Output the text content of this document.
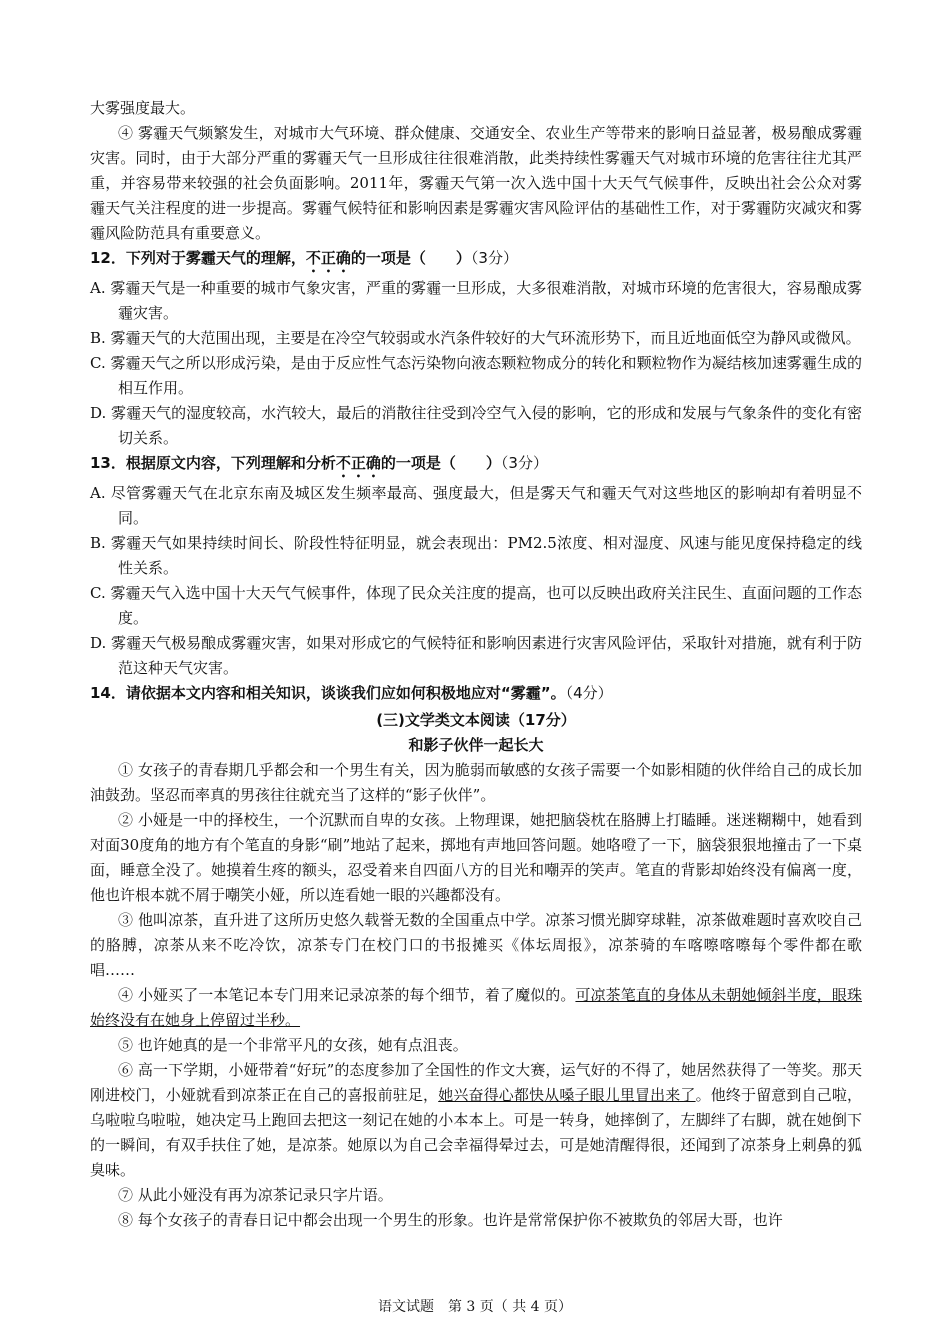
大雾强度最大。

④ 雾霾天气频繁发生，对城市大气环境、群众健康、交通安全、农业生产等带来的影响日益显著，极易酿成雾霾灾害。同时，由于大部分严重的雾霾天气一旦形成往往很难消散，此类持续性雾霾天气对城市环境的危害往往尤其严重，并容易带来较强的社会负面影响。2011年，雾霾天气第一次入选中国十大天气气候事件，反映出社会公众对雾霾天气关注程度的进一步提高。雾霾气候特征和影响因素是雾霾灾害风险评估的基础性工作，对于雾霾防灾减灾和雾霾风险防范具有重要意义。

12．下列对于雾霾天气的理解，不正确的一项是（　　）（3分）

A. 雾霾天气是一种重要的城市气象灾害，严重的雾霾一旦形成，大多很难消散，对城市环境的危害很大，容易酿成雾霾灾害。

B. 雾霾天气的大范围出现，主要是在冷空气较弱或水汽条件较好的大气环流形势下，而且近地面低空为静风或微风。

C. 雾霾天气之所以形成污染，是由于反应性气态污染物向液态颗粒物成分的转化和颗粒物作为凝结核加速雾霾生成的相互作用。

D. 雾霾天气的湿度较高，水汽较大，最后的消散往往受到冷空气入侵的影响，它的形成和发展与气象条件的变化有密切关系。

13．根据原文内容，下列理解和分析不正确的一项是（　　）（3分）

A. 尽管雾霾天气在北京东南及城区发生频率最高、强度最大，但是雾天气和霾天气对这些地区的影响却有着明显不同。

B. 雾霾天气如果持续时间长、阶段性特征明显，就会表现出：PM2.5浓度、相对湿度、风速与能见度保持稳定的线性关系。

C. 雾霾天气入选中国十大天气气候事件，体现了民众关注度的提高，也可以反映出政府关注民生、直面问题的工作态度。

D. 雾霾天气极易酿成雾霾灾害，如果对形成它的气候特征和影响因素进行灾害风险评估，采取针对措施，就有利于防范这种天气灾害。

14．请依据本文内容和相关知识，谈谈我们应如何积极地应对“雾霾”。（4分）

(三)文学类文本阅读（17分）

和影子伙伴一起长大

① 女孩子的青春期几乎都会和一个男生有关，因为脆弱而敏感的女孩子需要一个如影相随的伙伴给自己的成长加油鼓劲。坚忍而率真的男孩往往就充当了这样的“影子伙伴”。

② 小娅是一中的择校生，一个沉默而自卑的女孩。上物理课，她把脑袋枕在胳膊上打瞌睡。迷迷糊糊中，她看到对面30度角的地方有个笔直的身影“刷”地站了起来，掷地有声地回答问题。她咯噔了一下，脑袋狠狠地撞击了一下桌面，睡意全没了。她摸着生疼的额头，忍受着来自四面八方的目光和嘲弄的笑声。笔直的背影却始终没有偏离一度，他也许根本就不屑于嘲笑小娅，所以连看她一眼的兴趣都没有。

③ 他叫凉茶，直升进了这所历史悠久载誉无数的全国重点中学。凉茶习惯光脚穿球鞋，凉茶做难题时喜欢咬自己的胳膊，凉茶从来不吃冷饮，凉茶专门在校门口的书报摊买《体坛周报》，凉茶骑的车喀嚓喀嚓每个零件都在歌唱……

④ 小娅买了一本笔记本专门用来记录凉茶的每个细节，着了魔似的。可凉茶笔直的身体从未朝她倾斜半度，眼珠始终没有在她身上停留过半秒。

⑤ 也许她真的是一个非常平凡的女孩，她有点沮丧。

⑥ 高一下学期，小娅带着“好玩”的态度参加了全国性的作文大赛，运气好的不得了，她居然获得了一等奖。那天刚进校门，小娅就看到凉茶正在自己的喜报前驻足，她兴奋得心都快从嗓子眼儿里冒出来了。他终于留意到自己啦，乌啦啦乌啦啦，她决定马上跑回去把这一刻记在她的小本本上。可是一转身，她摔倒了，左脚绊了右脚，就在她倒下的一瞬间，有双手扶住了她，是凉茶。她原以为自己会幸福得晕过去，可是她清醒得很，还闻到了凉茶身上刺鼻的狐臭味。

⑦ 从此小娅没有再为凉茶记录只字片语。

⑧ 每个女孩子的青春日记中都会出现一个男生的形象。也许是常常保护你不被欺负的邻居大哥，也许

语文试题　第 3 页（ 共 4 页）
